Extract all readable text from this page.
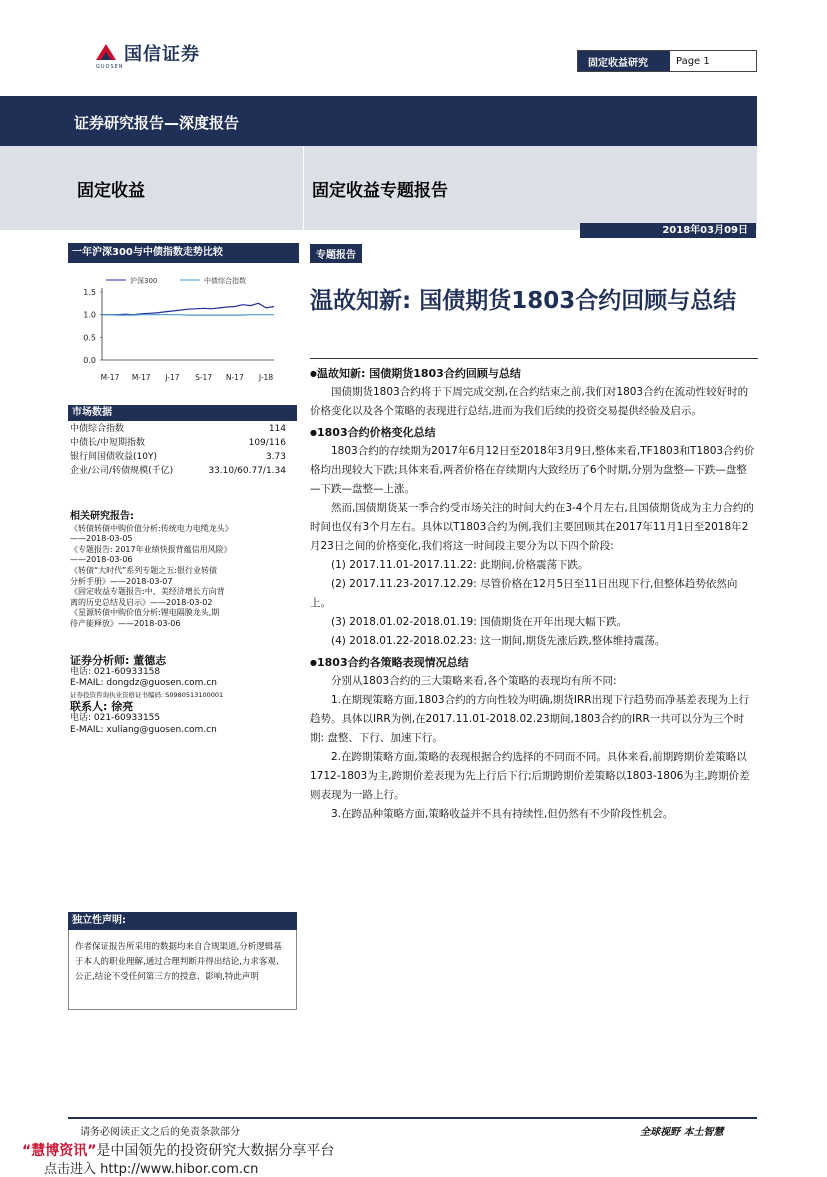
国信证券
GUOSEN	固定收益研究	Page 1
证券研究报告—深度报告
固定收益	固定收益专题报告
2018年03月09日
一年沪深300与中债指数走势比较
沪深300	中债综合指数
1.5
1.0
0.5
0.0
M-17 M-17 J-17 S-17 N-17 J-18
专题报告
温故知新: 国债期货1803合约回顾与总结
市场数据
中债综合指数	114
中债长/中短期指数	109/116
银行间国债收益(10Y)	3.73
企业/公司/转债规模(千亿)	33.10/60.77/1.34
相关研究报告:
《转债转债中购价值分析:传统电力电缆龙头》
——2018-03-05
《专题报告: 2017年业绩快报背蕴信用风险》
——2018-03-06
《转债“大时代”系列专题之五:银行业转债
分析手册》——2018-03-07
《固定收益专题报告:中、美经济增长方向背
离的历史总结及启示》——2018-03-02
《星源转债中购价值分析:锂电隔膜龙头,期
待产能释放》——2018-03-06
证券分析师: 董德志
电话: 021-60933158
E-MAIL: dongdz@guosen.com.cn
证券投资咨询执业资格证书编码: S0980513100001
联系人: 徐亮
电话: 021-60933155
E-MAIL: xuliang@guosen.com.cn
独立性声明:
作者保证报告所采用的数据均来自合规渠道,分析逻辑基于本人的职业理解,通过合理判断并得出结论,力求客观、公正,结论不受任何第三方的授意、影响,特此声明
● 温故知新: 国债期货1803合约回顾与总结

国债期货1803合约将于下周完成交割,在合约结束之前,我们对1803合约在流动性较好时的价格变化以及各个策略的表现进行总结,进而为我们后续的投资交易提供经验及启示。

● 1803合约价格变化总结

1803合约的存续期为2017年6月12日至2018年3月9日,整体来看,TF1803和T1803合约价格均出现较大下跌;具体来看,两者价格在存续期内大致经历了6个时期,分别为盘整—下跌—盘整—下跌—盘整—上涨。

然而,国债期货某一季合约受市场关注的时间大约在3-4个月左右,且国债期货成为主力合约的时间也仅有3个月左右。具体以T1803合约为例,我们主要回顾其在2017年11月1日至2018年2月23日之间的价格变化,我们将这一时间段主要分为以下四个阶段:

(1) 2017.11.01-2017.11.22: 此期间,价格震荡下跌。

(2) 2017.11.23-2017.12.29: 尽管价格在12月5日至11日出现下行,但整体趋势依然向上。

(3) 2018.01.02-2018.01.19: 国债期货在开年出现大幅下跌。

(4) 2018.01.22-2018.02.23: 这一期间,期货先涨后跌,整体维持震荡。

● 1803合约各策略表现情况总结

分别从1803合约的三大策略来看,各个策略的表现均有所不同:

1.在期现策略方面,1803合约的方向性较为明确,期货IRR出现下行趋势而净基差表现为上行趋势。具体以IRR为例,在2017.11.01-2018.02.23期间,1803合约的IRR一共可以分为三个时期: 盘整、下行、加速下行。

2.在跨期策略方面,策略的表现根据合约选择的不同而不同。具体来看,前期跨期价差策略以1712-1803为主,跨期价差表现为先上行后下行;后期跨期价差策略以1803-1806为主,跨期价差则表现为一路上行。

3.在跨品种策略方面,策略收益并不具有持续性,但仍然有不少阶段性机会。

请务必阅读正文之后的免责条款部分	全球视野 本土智慧
“慧博资讯”是中国领先的投资研究大数据分享平台
点击进入 http://www.hibor.com.cn
